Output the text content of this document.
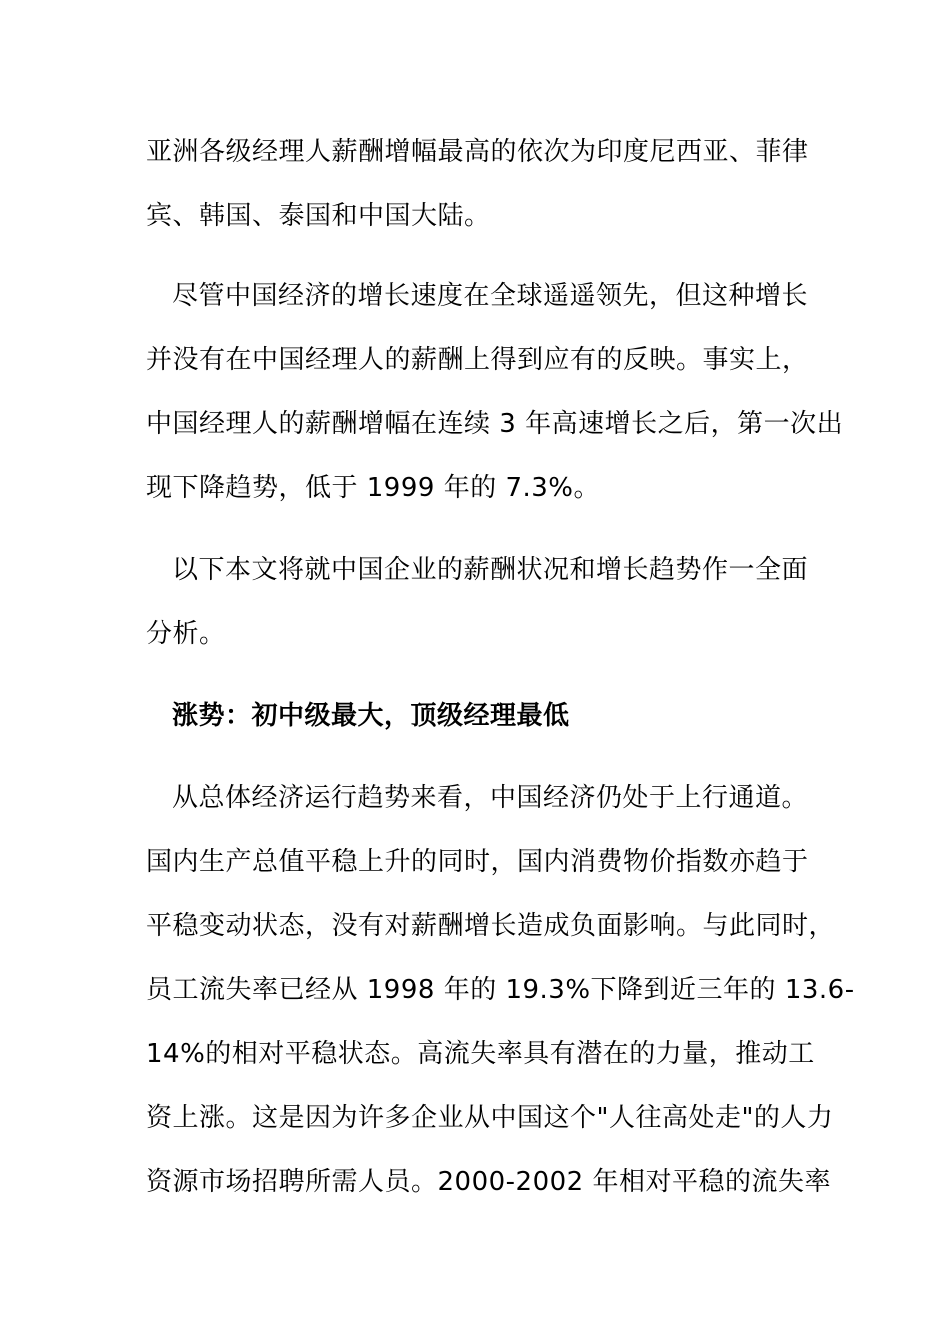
亚洲各级经理人薪酬增幅最高的依次为印度尼西亚、菲律
宾、韩国、泰国和中国大陆。
尽管中国经济的增长速度在全球遥遥领先，但这种增长
并没有在中国经理人的薪酬上得到应有的反映。事实上，
中国经理人的薪酬增幅在连续 3 年高速增长之后，第一次出
现下降趋势，低于 1999 年的 7.3%。
以下本文将就中国企业的薪酬状况和增长趋势作一全面
分析。
涨势：初中级最大，顶级经理最低
从总体经济运行趋势来看，中国经济仍处于上行通道。
国内生产总值平稳上升的同时，国内消费物价指数亦趋于
平稳变动状态，没有对薪酬增长造成负面影响。与此同时，
员工流失率已经从 1998 年的 19.3%下降到近三年的 13.6-
14%的相对平稳状态。高流失率具有潜在的力量，推动工
资上涨。这是因为许多企业从中国这个"人往高处走"的人力
资源市场招聘所需人员。2000-2002 年相对平稳的流失率
